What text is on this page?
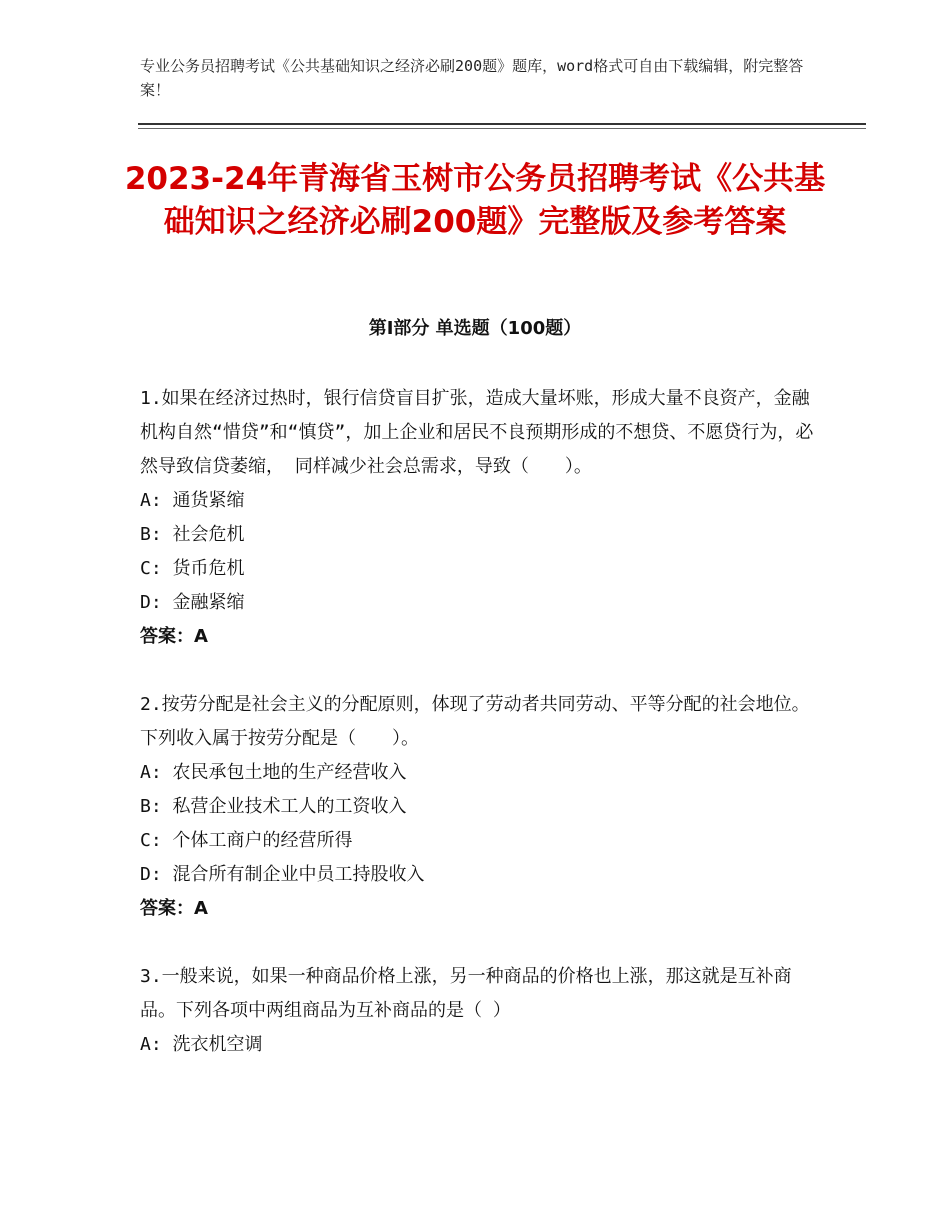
专业公务员招聘考试《公共基础知识之经济必刷200题》题库，word格式可自由下载编辑，附完整答案！

2023-24年青海省玉树市公务员招聘考试《公共基础知识之经济必刷200题》完整版及参考答案
第Ⅰ部分 单选题（100题）

1.如果在经济过热时，银行信贷盲目扩张，造成大量坏账，形成大量不良资产，金融机构自然“惜贷”和“慎贷”，加上企业和居民不良预期形成的不想贷、不愿贷行为，必然导致信贷萎缩， 同样减少社会总需求，导致（　　）。

A: 通货紧缩
B: 社会危机
C: 货币危机
D: 金融紧缩

答案：A

2.按劳分配是社会主义的分配原则，体现了劳动者共同劳动、平等分配的社会地位。下列收入属于按劳分配是（　　）。

A: 农民承包土地的生产经营收入
B: 私营企业技术工人的工资收入
C: 个体工商户的经营所得
D: 混合所有制企业中员工持股收入

答案：A

3.一般来说，如果一种商品价格上涨，另一种商品的价格也上涨，那这就是互补商品。下列各项中两组商品为互补商品的是（ ）

A: 洗衣机空调
